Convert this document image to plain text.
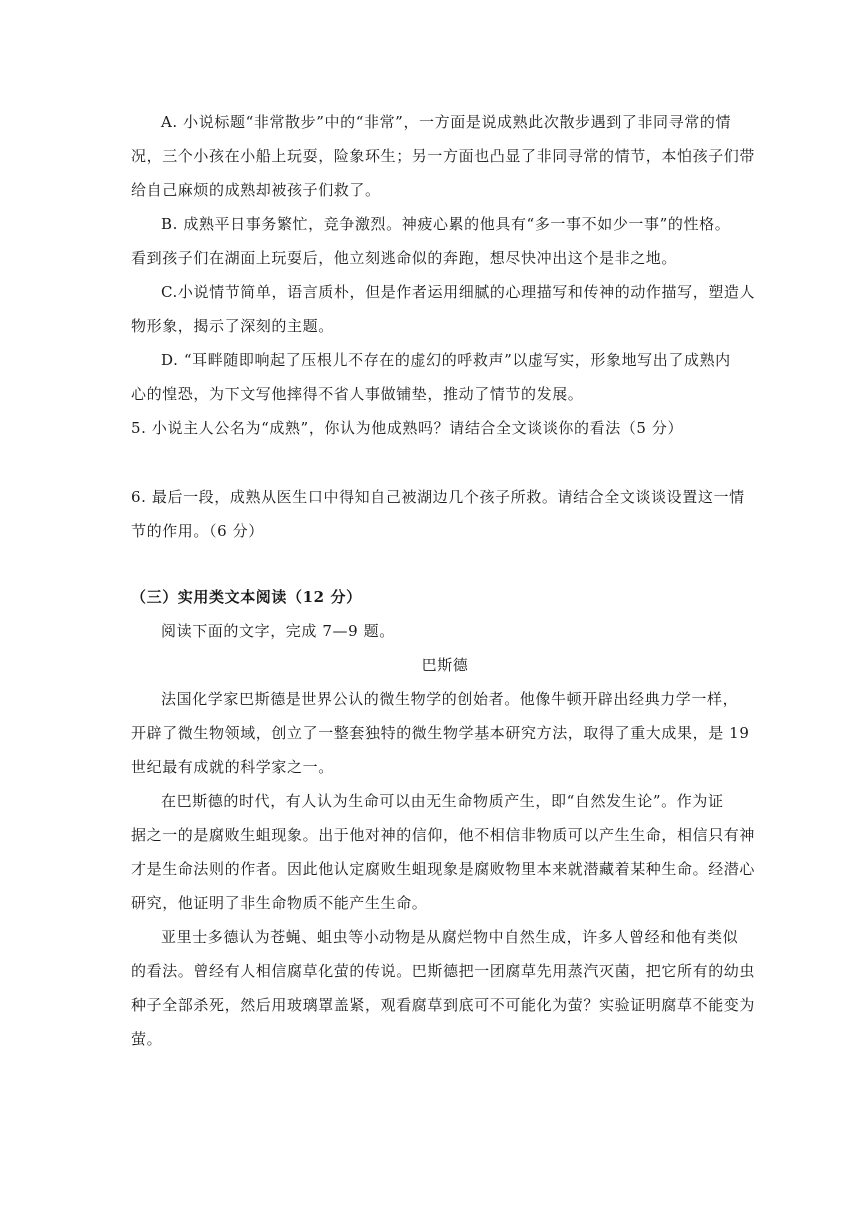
A. 小说标题“非常散步”中的“非常”，一方面是说成熟此次散步遇到了非同寻常的情
况，三个小孩在小船上玩耍，险象环生；另一方面也凸显了非同寻常的情节，本怕孩子们带
给自己麻烦的成熟却被孩子们救了。
B. 成熟平日事务繁忙，竞争激烈。神疲心累的他具有“多一事不如少一事”的性格。
看到孩子们在湖面上玩耍后，他立刻逃命似的奔跑，想尽快冲出这个是非之地。
C.小说情节简单，语言质朴，但是作者运用细腻的心理描写和传神的动作描写，塑造人
物形象，揭示了深刻的主题。
D. “耳畔随即响起了压根儿不存在的虚幻的呼救声”以虚写实，形象地写出了成熟内
心的惶恐，为下文写他摔得不省人事做铺垫，推动了情节的发展。
5. 小说主人公名为“成熟”，你认为他成熟吗？请结合全文谈谈你的看法（5 分）
6. 最后一段，成熟从医生口中得知自己被湖边几个孩子所救。请结合全文谈谈设置这一情
节的作用。（6 分）
（三）实用类文本阅读（12 分）
阅读下面的文字，完成 7—9 题。
巴斯德
法国化学家巴斯德是世界公认的微生物学的创始者。他像牛顿开辟出经典力学一样，
开辟了微生物领域，创立了一整套独特的微生物学基本研究方法，取得了重大成果，是 19
世纪最有成就的科学家之一。
在巴斯德的时代，有人认为生命可以由无生命物质产生，即“自然发生论”。作为证
据之一的是腐败生蛆现象。出于他对神的信仰，他不相信非物质可以产生生命，相信只有神
才是生命法则的作者。因此他认定腐败生蛆现象是腐败物里本来就潜藏着某种生命。经潜心
研究，他证明了非生命物质不能产生生命。
亚里士多德认为苍蝇、蛆虫等小动物是从腐烂物中自然生成，许多人曾经和他有类似
的看法。曾经有人相信腐草化萤的传说。巴斯德把一团腐草先用蒸汽灭菌，把它所有的幼虫
种子全部杀死，然后用玻璃罩盖紧，观看腐草到底可不可能化为萤？实验证明腐草不能变为
萤。
